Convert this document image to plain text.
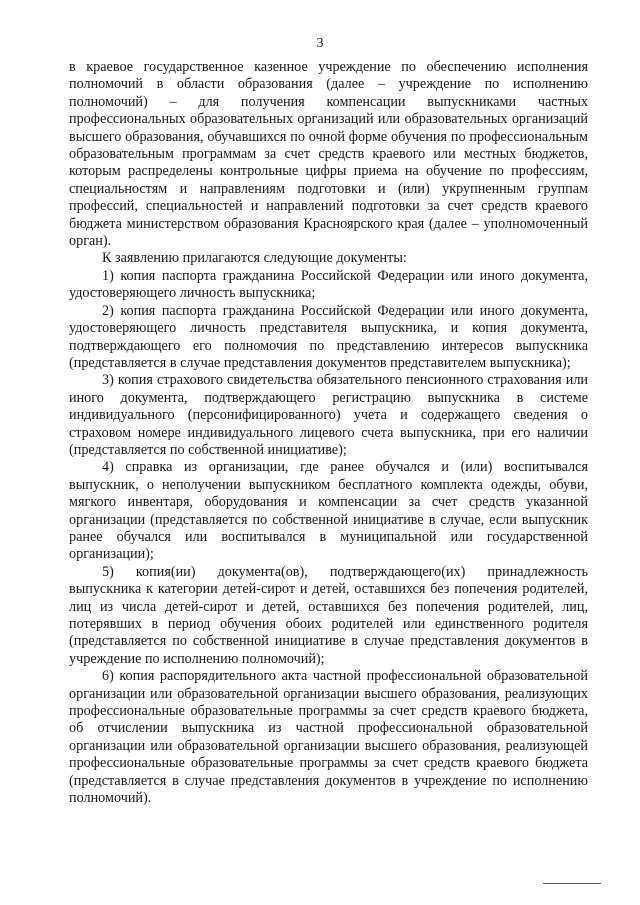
3

в краевое государственное казенное учреждение по обеспечению исполнения полномочий в области образования (далее – учреждение по исполнению полномочий) – для получения компенсации выпускниками частных профессиональных образовательных организаций или образовательных организаций высшего образования, обучавшихся по очной форме обучения по профессиональным образовательным программам за счет средств краевого или местных бюджетов, которым распределены контрольные цифры приема на обучение по профессиям, специальностям и направлениям подготовки и (или) укрупненным группам профессий, специальностей и направлений подготовки за счет средств краевого бюджета министерством образования Красноярского края (далее – уполномоченный орган).

К заявлению прилагаются следующие документы:

1) копия паспорта гражданина Российской Федерации или иного документа, удостоверяющего личность выпускника;

2) копия паспорта гражданина Российской Федерации или иного документа, удостоверяющего личность представителя выпускника, и копия документа, подтверждающего его полномочия по представлению интересов выпускника (представляется в случае представления документов представителем выпускника);

3) копия страхового свидетельства обязательного пенсионного страхования или иного документа, подтверждающего регистрацию выпускника в системе индивидуального (персонифицированного) учета и содержащего сведения о страховом номере индивидуального лицевого счета выпускника, при его наличии (представляется по собственной инициативе);

4) справка из организации, где ранее обучался и (или) воспитывался выпускник, о неполучении выпускником бесплатного комплекта одежды, обуви, мягкого инвентаря, оборудования и компенсации за счет средств указанной организации (представляется по собственной инициативе в случае, если выпускник ранее обучался или воспитывался в муниципальной или государственной организации);

5) копия(ии) документа(ов), подтверждающего(их) принадлежность выпускника к категории детей-сирот и детей, оставшихся без попечения родителей, лиц из числа детей-сирот и детей, оставшихся без попечения родителей, лиц, потерявших в период обучения обоих родителей или единственного родителя (представляется по собственной инициативе в случае представления документов в учреждение по исполнению полномочий);

6) копия распорядительного акта частной профессиональной образовательной организации или образовательной организации высшего образования, реализующих профессиональные образовательные программы за счет средств краевого бюджета, об отчислении выпускника из частной профессиональной образовательной организации или образовательной организации высшего образования, реализующей профессиональные образовательные программы за счет средств краевого бюджета (представляется в случае представления документов в учреждение по исполнению полномочий).
